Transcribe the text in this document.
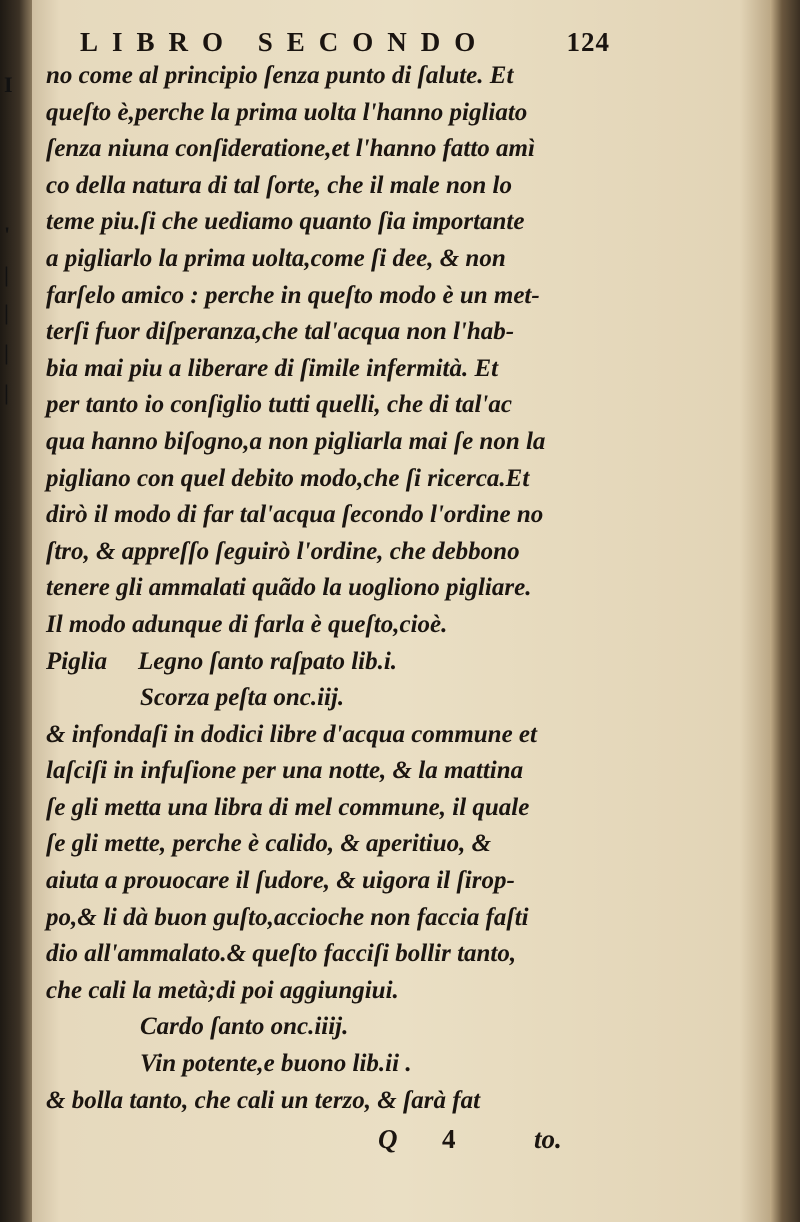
I
'
|
|
|
|
LIBRO SECONDO	124
no come al principio ſenza punto di ſalute. Et
queſto è,perche la prima uolta l'hanno pigliato
ſenza niuna conſideratione,et l'hanno fatto amì
co della natura di tal ſorte, che il male non lo
teme piu.ſi che uediamo quanto ſia importante
a pigliarlo la prima uolta,come ſi dee, & non
farſelo amico : perche in queſto modo è un met-
terſi fuor diſperanza,che tal'acqua non l'hab-
bia mai piu a liberare di ſimile infermità. Et
per tanto io conſiglio tutti quelli, che di tal'ac
qua hanno biſogno,a non pigliarla mai ſe non la
pigliano con quel debito modo,che ſi ricerca.Et
dirò il modo di far tal'acqua ſecondo l'ordine no
ſtro, & appreſſo ſeguirò l'ordine, che debbono
tenere gli ammalati quãdo la uogliono pigliare.
Il modo adunque di farla è queſto,cioè.
Piglia Legno ſanto raſpato lib.i.
Scorza peſta onc.iij.
& infondaſi in dodici libre d'acqua commune et
laſciſi in infuſione per una notte, & la mattina
ſe gli metta una libra di mel commune, il quale
ſe gli mette, perche è calido, & aperitiuo, &
aiuta a prouocare il ſudore, & uigora il ſirop-
po,& li dà buon guſto,accioche non faccia faſti
dio all'ammalato.& queſto facciſi bollir tanto,
che cali la metà;di poi aggiungiui.
Cardo ſanto onc.iiij.
Vin potente,e buono lib.ii .
& bolla tanto, che cali un terzo, & ſarà fat
Q 4	to.
